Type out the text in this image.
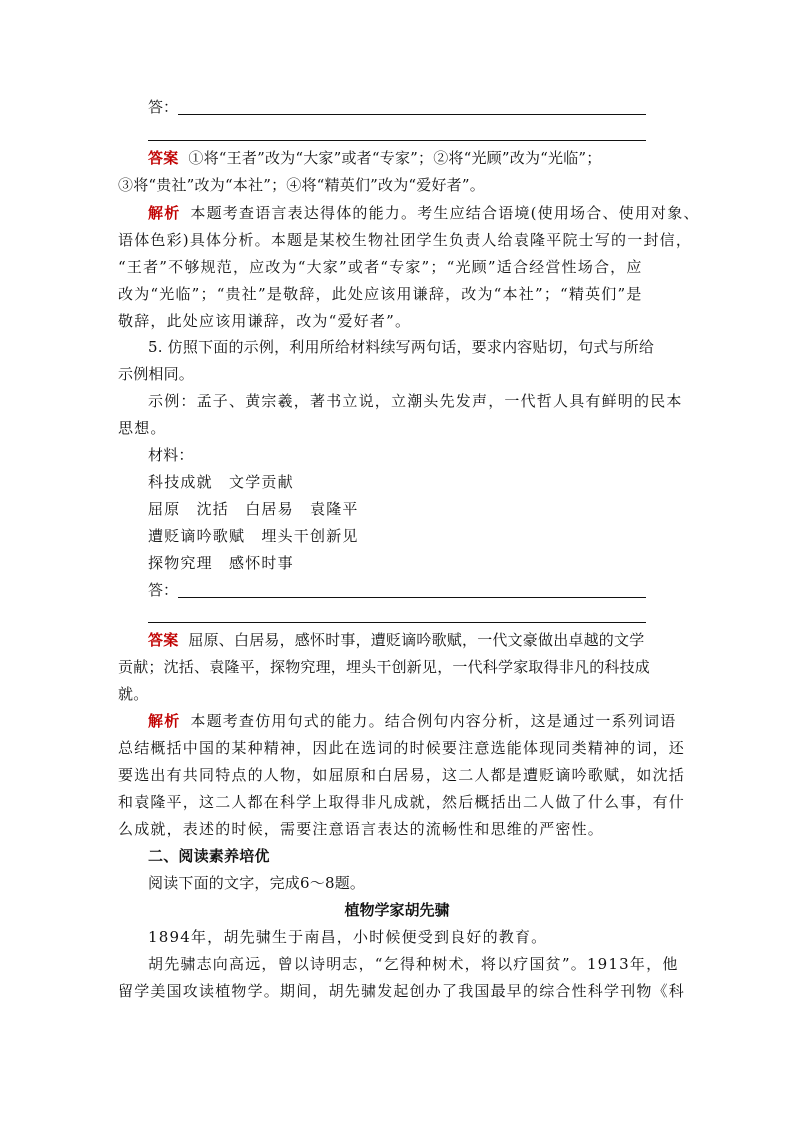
答：
答案 ①将“王者”改为“大家”或者“专家”；②将“光顾”改为“光临”；
③将“贵社”改为“本社”；④将“精英们”改为“爱好者”。
解析 本题考查语言表达得体的能力。考生应结合语境(使用场合、使用对象、
语体色彩)具体分析。本题是某校生物社团学生负责人给袁隆平院士写的一封信，
“王者”不够规范，应改为“大家”或者“专家”；“光顾”适合经営性场合，应
改为“光临”；“贵社”是敬辞，此处应该用谦辞，改为“本社”；“精英们”是
敬辞，此处应该用谦辞，改为“爱好者”。
5. 仿照下面的示例，利用所给材料续写两句话，要求内容贴切，句式与所给
示例相同。
示例：孟子、黄宗羲，著书立说，立潮头先发声，一代哲人具有鲜明的民本
思想。
材料：
科技成就　文学贡献
屈原　沈括　白居易　袁隆平
遭贬谪吟歌赋　埋头干创新见
探物究理　感怀时事
答：
答案 屈原、白居易，感怀时事，遭贬谪吟歌赋，一代文豪做出卓越的文学
贡献；沈括、袁隆平，探物究理，埋头干创新见，一代科学家取得非凡的科技成
就。
解析 本题考查仿用句式的能力。结合例句内容分析，这是通过一系列词语
总结概括中国的某种精神，因此在选词的时候要注意选能体现同类精神的词，还
要选出有共同特点的人物，如屈原和白居易，这二人都是遭贬谪吟歌赋，如沈括
和袁隆平，这二人都在科学上取得非凡成就，然后概括出二人做了什么事，有什
么成就，表述的时候，需要注意语言表达的流畅性和思维的严密性。
二、阅读素养培优
阅读下面的文字，完成6～8题。
植物学家胡先骕
1894年，胡先骕生于南昌，小时候便受到良好的教育。
胡先骕志向高远，曾以诗明志，“乞得种树术，将以疗国贫”。1913年，他
留学美国攻读植物学。期间，胡先骕发起创办了我国最早的综合性科学刊物《科
